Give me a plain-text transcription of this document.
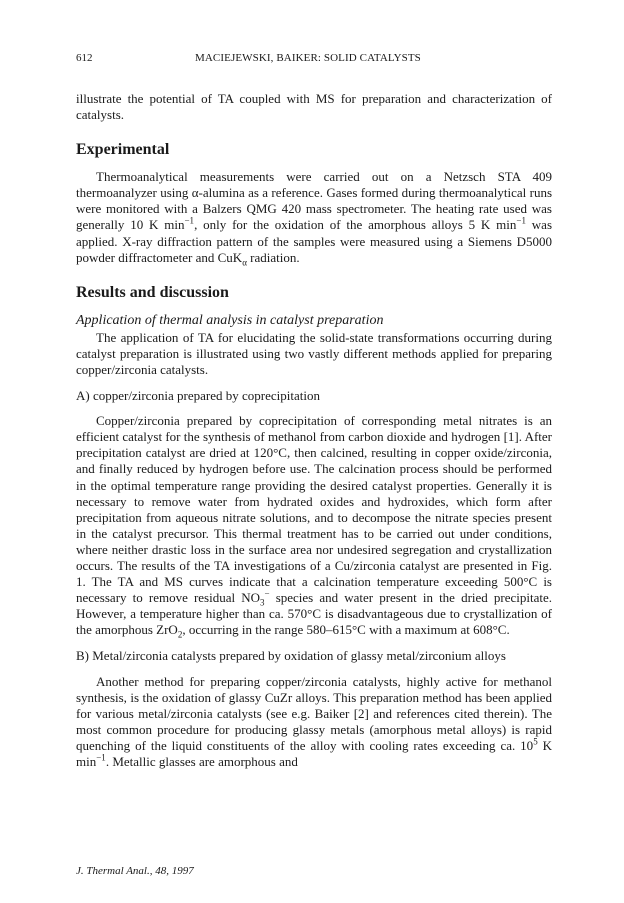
612	MACIEJEWSKI, BAIKER: SOLID CATALYSTS

illustrate the potential of TA coupled with MS for preparation and characterization of catalysts.

Experimental

Thermoanalytical measurements were carried out on a Netzsch STA 409 thermoanalyzer using α-alumina as a reference. Gases formed during thermoanalytical runs were monitored with a Balzers QMG 420 mass spectrometer. The heating rate used was generally 10 K $\min^{-1}$, only for the oxidation of the amorphous alloys 5 K $\min^{-1}$ was applied. X-ray diffraction pattern of the samples were measured using a Siemens D5000 powder diffractometer and CuK$_\alpha$ radiation.

Results and discussion

Application of thermal analysis in catalyst preparation

The application of TA for elucidating the solid-state transformations occurring during catalyst preparation is illustrated using two vastly different methods applied for preparing copper/zirconia catalysts.

A) copper/zirconia prepared by coprecipitation

Copper/zirconia prepared by coprecipitation of corresponding metal nitrates is an efficient catalyst for the synthesis of methanol from carbon dioxide and hydrogen [1]. After precipitation catalyst are dried at 120°C, then calcined, resulting in copper oxide/zirconia, and finally reduced by hydrogen before use. The calcination process should be performed in the optimal temperature range providing the desired catalyst properties. Generally it is necessary to remove water from hydrated oxides and hydroxides, which form after precipitation from aqueous nitrate solutions, and to decompose the nitrate species present in the catalyst precursor. This thermal treatment has to be carried out under conditions, where neither drastic loss in the surface area nor undesired segregation and crystallization occurs. The results of the TA investigations of a Cu/zirconia catalyst are presented in Fig. 1. The TA and MS curves indicate that a calcination temperature exceeding 500°C is necessary to remove residual $NO_3^-$ species and water present in the dried precipitate. However, a temperature higher than ca. 570°C is disadvantageous due to crystallization of the amorphous ZrO$_2$, occurring in the range 580–615°C with a maximum at 608°C.

B) Metal/zirconia catalysts prepared by oxidation of glassy metal/zirconium alloys

Another method for preparing copper/zirconia catalysts, highly active for methanol synthesis, is the oxidation of glassy CuZr alloys. This preparation method has been applied for various metal/zirconia catalysts (see e.g. Baiker [2] and references cited therein). The most common procedure for producing glassy metals (amorphous metal alloys) is rapid quenching of the liquid constituents of the alloy with cooling rates exceeding ca. $10^5$ K $\min^{-1}$. Metallic glasses are amorphous and

J. Thermal Anal., 48, 1997
